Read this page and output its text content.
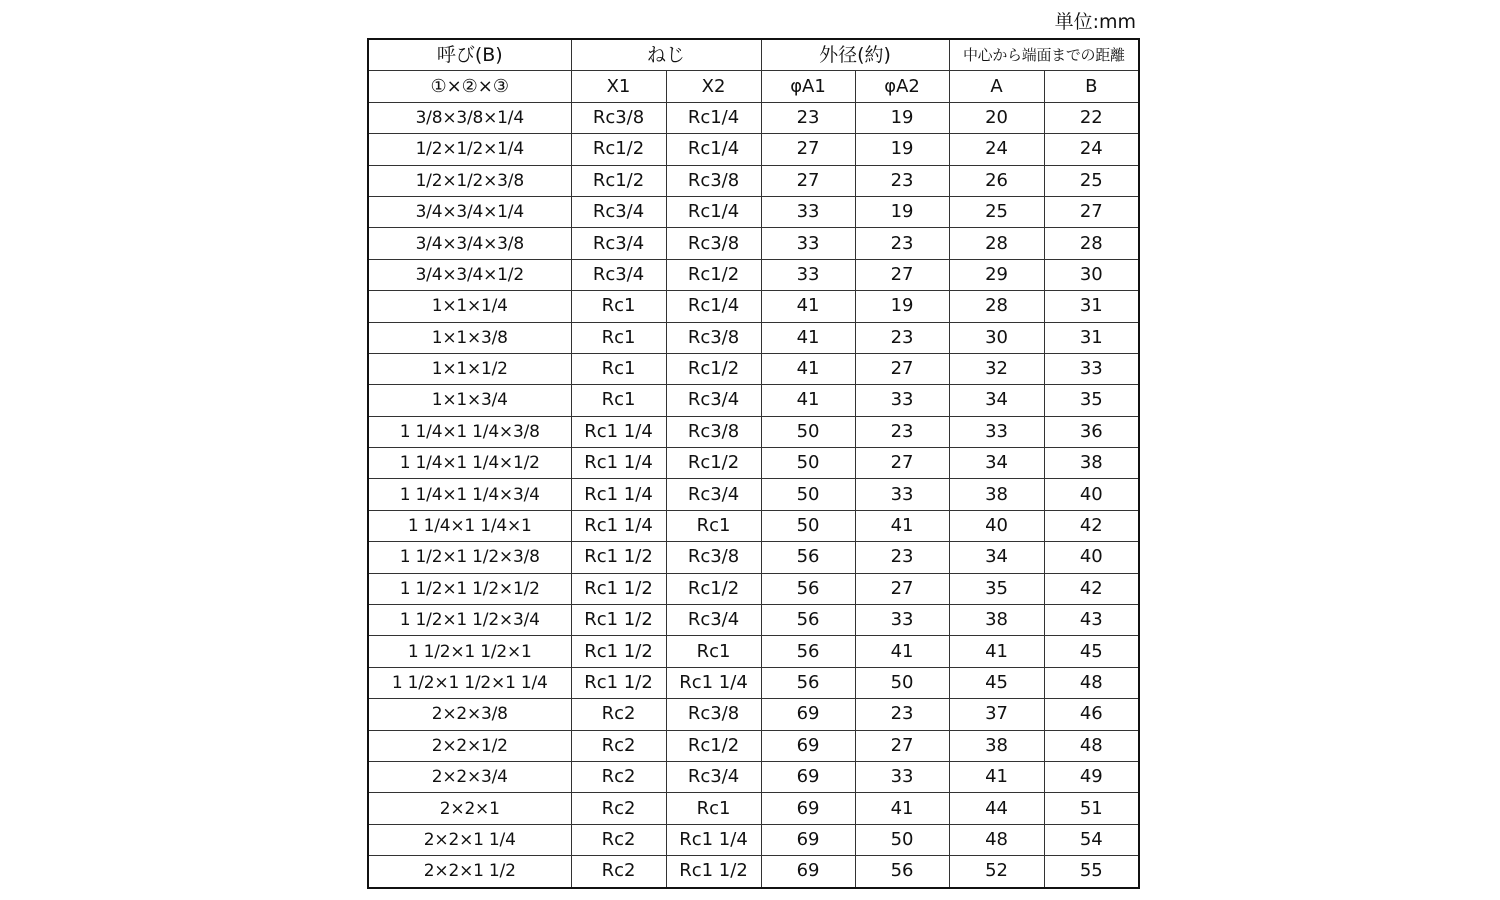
単位:mm
呼び(B)	ねじ		外径(約)		中心から端面までの距離	
①×②×③	X1	X2	φA1	φA2	A	B
3/8×3/8×1/4	Rc3/8	Rc1/4	23	19	20	22
1/2×1/2×1/4	Rc1/2	Rc1/4	27	19	24	24
1/2×1/2×3/8	Rc1/2	Rc3/8	27	23	26	25
3/4×3/4×1/4	Rc3/4	Rc1/4	33	19	25	27
3/4×3/4×3/8	Rc3/4	Rc3/8	33	23	28	28
3/4×3/4×1/2	Rc3/4	Rc1/2	33	27	29	30
1×1×1/4	Rc1	Rc1/4	41	19	28	31
1×1×3/8	Rc1	Rc3/8	41	23	30	31
1×1×1/2	Rc1	Rc1/2	41	27	32	33
1×1×3/4	Rc1	Rc3/4	41	33	34	35
1 1/4×1 1/4×3/8	Rc1 1/4	Rc3/8	50	23	33	36
1 1/4×1 1/4×1/2	Rc1 1/4	Rc1/2	50	27	34	38
1 1/4×1 1/4×3/4	Rc1 1/4	Rc3/4	50	33	38	40
1 1/4×1 1/4×1	Rc1 1/4	Rc1	50	41	40	42
1 1/2×1 1/2×3/8	Rc1 1/2	Rc3/8	56	23	34	40
1 1/2×1 1/2×1/2	Rc1 1/2	Rc1/2	56	27	35	42
1 1/2×1 1/2×3/4	Rc1 1/2	Rc3/4	56	33	38	43
1 1/2×1 1/2×1	Rc1 1/2	Rc1	56	41	41	45
1 1/2×1 1/2×1 1/4	Rc1 1/2	Rc1 1/4	56	50	45	48
2×2×3/8	Rc2	Rc3/8	69	23	37	46
2×2×1/2	Rc2	Rc1/2	69	27	38	48
2×2×3/4	Rc2	Rc3/4	69	33	41	49
2×2×1	Rc2	Rc1	69	41	44	51
2×2×1 1/4	Rc2	Rc1 1/4	69	50	48	54
2×2×1 1/2	Rc2	Rc1 1/2	69	56	52	55
